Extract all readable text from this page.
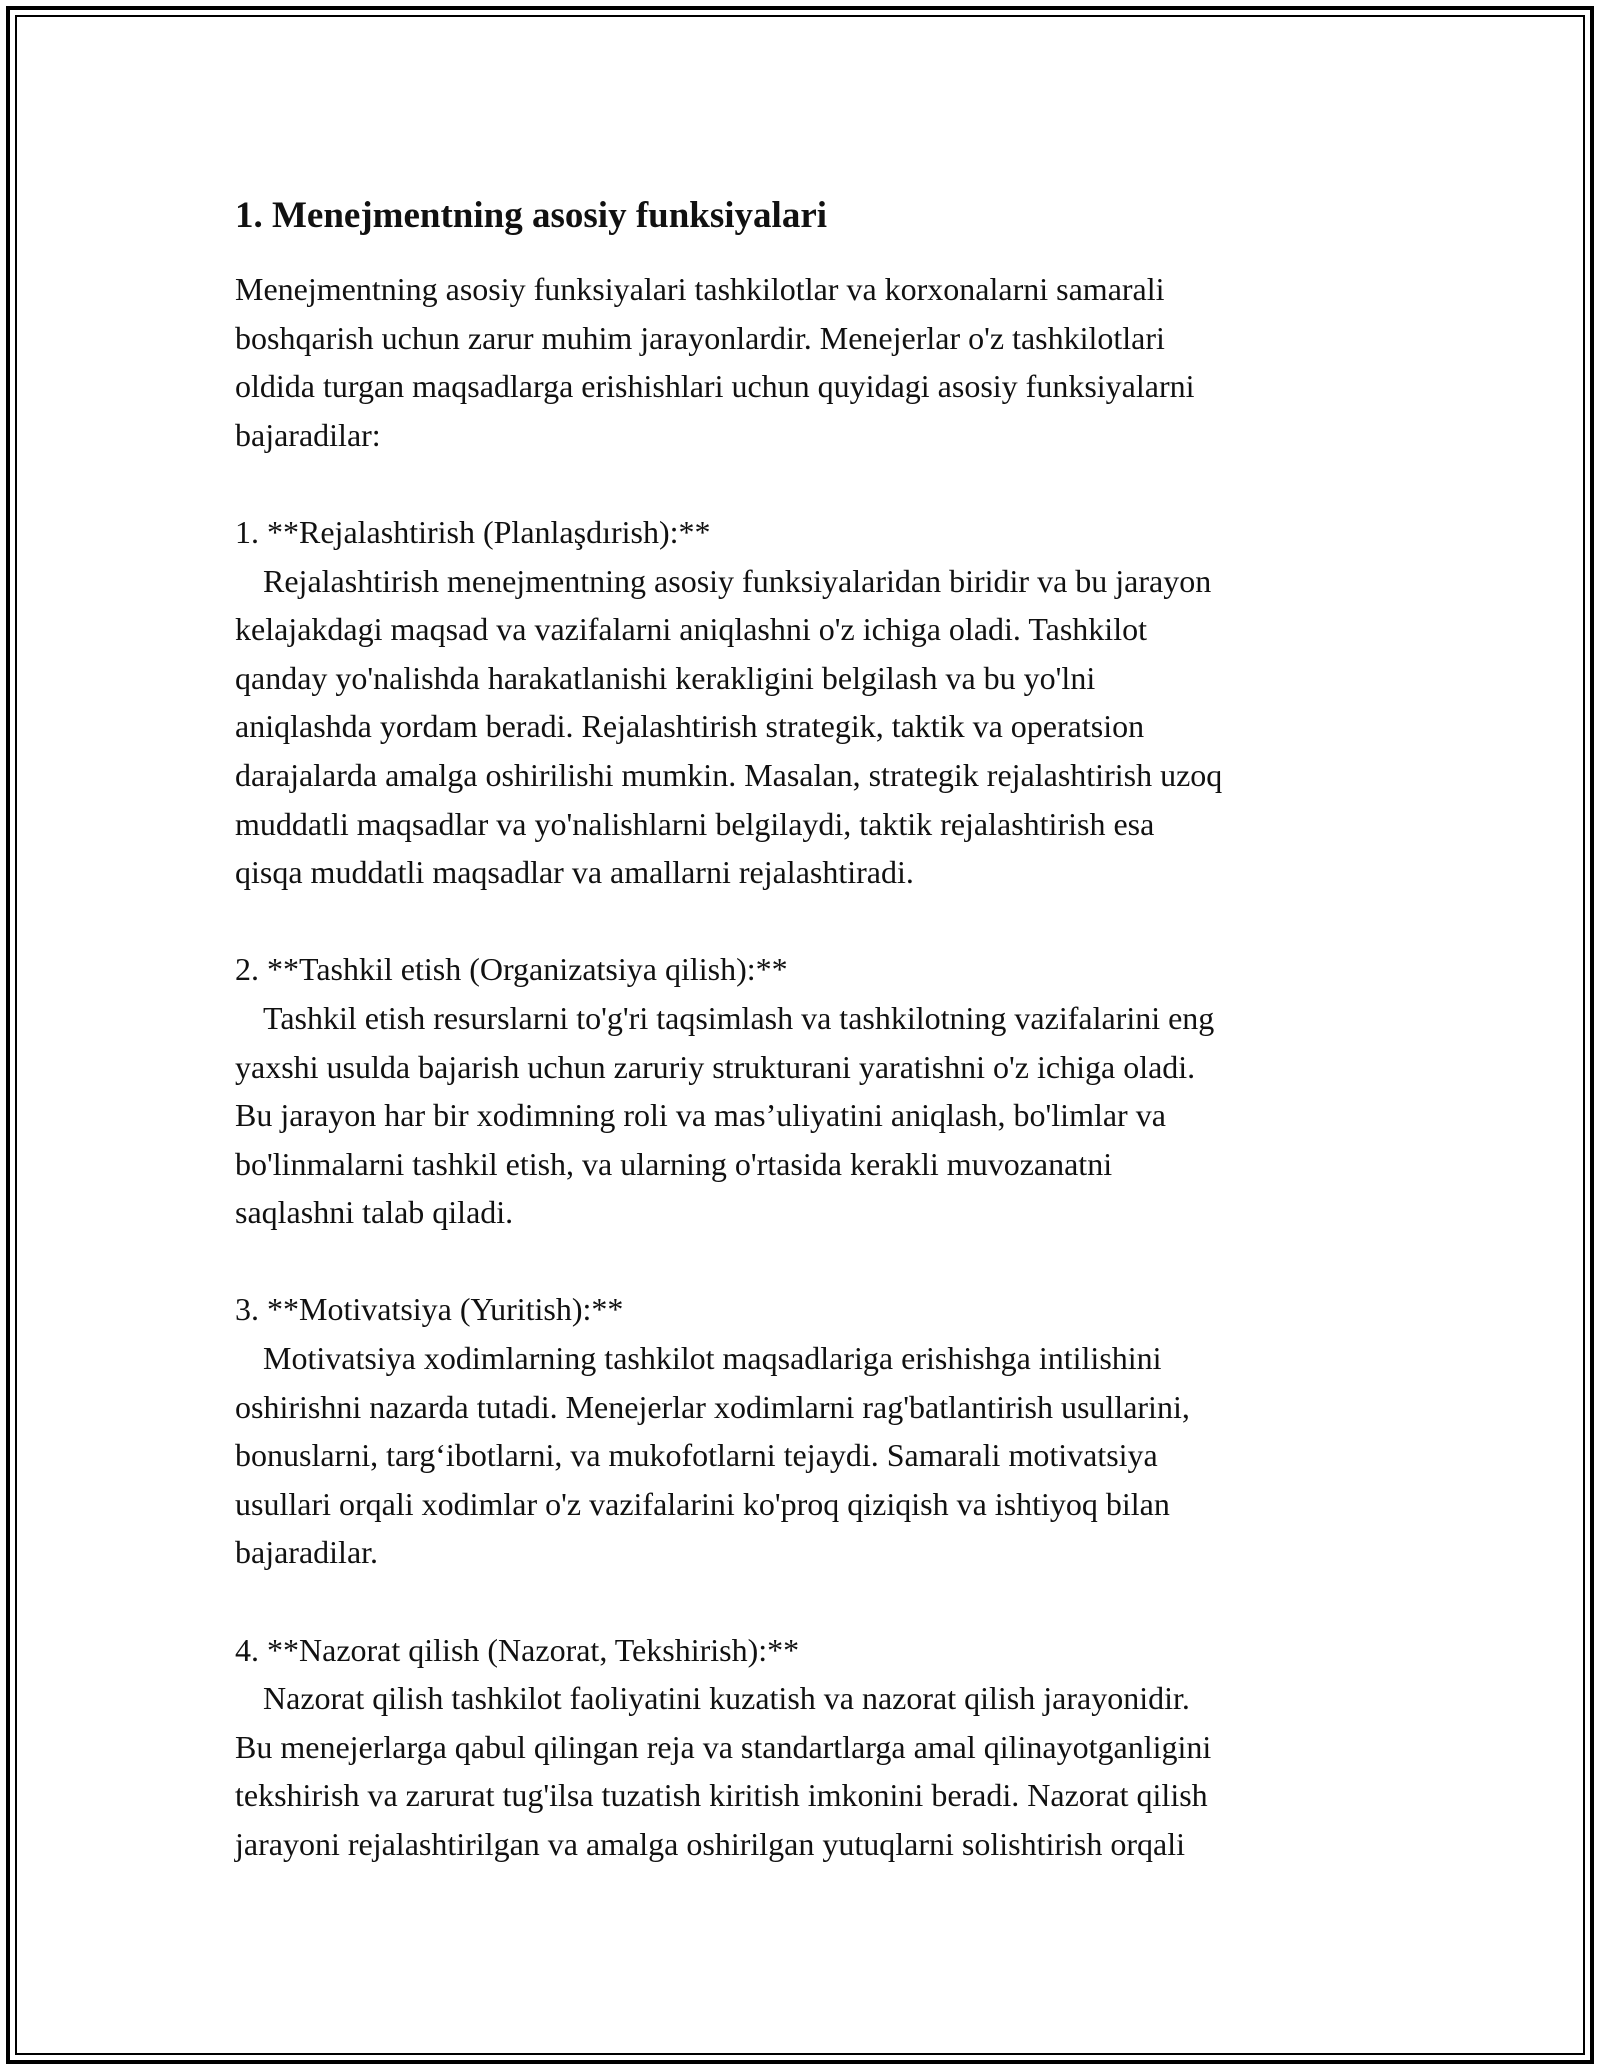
1. Menejmentning asosiy funksiyalari

Menejmentning asosiy funksiyalari tashkilotlar va korxonalarni samarali

boshqarish uchun zarur muhim jarayonlardir. Menejerlar o'z tashkilotlari

oldida turgan maqsadlarga erishishlari uchun quyidagi asosiy funksiyalarni

bajaradilar:

1. **Rejalashtirish (Planlaşdırish):**

Rejalashtirish menejmentning asosiy funksiyalaridan biridir va bu jarayon

kelajakdagi maqsad va vazifalarni aniqlashni o'z ichiga oladi. Tashkilot

qanday yo'nalishda harakatlanishi kerakligini belgilash va bu yo'lni

aniqlashda yordam beradi. Rejalashtirish strategik, taktik va operatsion

darajalarda amalga oshirilishi mumkin. Masalan, strategik rejalashtirish uzoq

muddatli maqsadlar va yo'nalishlarni belgilaydi, taktik rejalashtirish esa

qisqa muddatli maqsadlar va amallarni rejalashtiradi.

2. **Tashkil etish (Organizatsiya qilish):**

Tashkil etish resurslarni to'g'ri taqsimlash va tashkilotning vazifalarini eng

yaxshi usulda bajarish uchun zaruriy strukturani yaratishni o'z ichiga oladi.

Bu jarayon har bir xodimning roli va mas’uliyatini aniqlash, bo'limlar va

bo'linmalarni tashkil etish, va ularning o'rtasida kerakli muvozanatni

saqlashni talab qiladi.

3. **Motivatsiya (Yuritish):**

Motivatsiya xodimlarning tashkilot maqsadlariga erishishga intilishini

oshirishni nazarda tutadi. Menejerlar xodimlarni rag'batlantirish usullarini,

bonuslarni, targ‘ibotlarni, va mukofotlarni tejaydi. Samarali motivatsiya

usullari orqali xodimlar o'z vazifalarini ko'proq qiziqish va ishtiyoq bilan

bajaradilar.

4. **Nazorat qilish (Nazorat, Tekshirish):**

Nazorat qilish tashkilot faoliyatini kuzatish va nazorat qilish jarayonidir.

Bu menejerlarga qabul qilingan reja va standartlarga amal qilinayotganligini

tekshirish va zarurat tug'ilsa tuzatish kiritish imkonini beradi. Nazorat qilish

jarayoni rejalashtirilgan va amalga oshirilgan yutuqlarni solishtirish orqali
